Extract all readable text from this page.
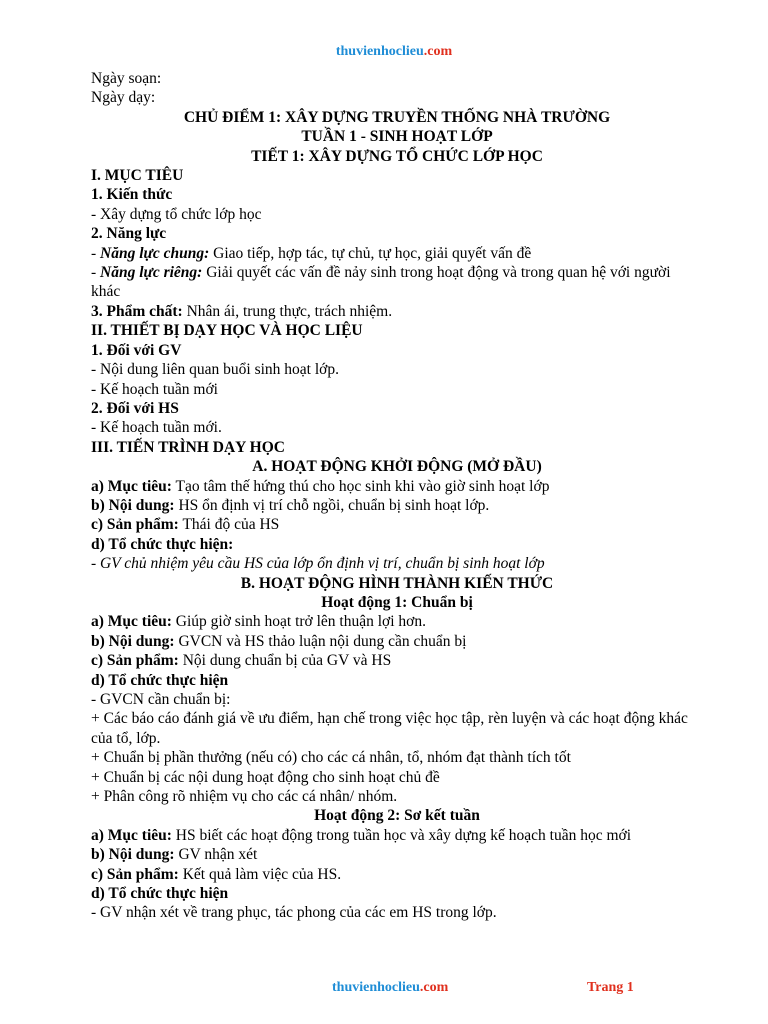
thuvienhoclieu.com

Ngày soạn:

Ngày dạy:

CHỦ ĐIỂM 1: XÂY DỰNG TRUYỀN THỐNG NHÀ TRƯỜNG

TUẦN 1 - SINH HOẠT LỚP

TIẾT 1: XÂY DỰNG TỔ CHỨC LỚP HỌC

I. MỤC TIÊU

1. Kiến thức

- Xây dựng tổ chức lớp học

2. Năng lực

- Năng lực chung: Giao tiếp, hợp tác, tự chủ, tự học, giải quyết vấn đề

- Năng lực riêng: Giải quyết các vấn đề nảy sinh trong hoạt động và trong quan hệ với người khác

3. Phẩm chất: Nhân ái, trung thực, trách nhiệm.

II. THIẾT BỊ DẠY HỌC VÀ HỌC LIỆU

1. Đối với GV

- Nội dung liên quan buổi sinh hoạt lớp.

- Kế hoạch tuần mới

2. Đối với HS

- Kế hoạch tuần mới.

III. TIẾN TRÌNH DẠY HỌC

A. HOẠT ĐỘNG KHỞI ĐỘNG (MỞ ĐẦU)

a) Mục tiêu: Tạo tâm thế hứng thú cho học sinh khi vào giờ sinh hoạt lớp

b) Nội dung: HS ổn định vị trí chỗ ngồi, chuẩn bị sinh hoạt lớp.

c) Sản phẩm: Thái độ của HS

d) Tổ chức thực hiện:

- GV chủ nhiệm yêu cầu HS của lớp ổn định vị trí, chuẩn bị sinh hoạt lớp

B. HOẠT ĐỘNG HÌNH THÀNH KIẾN THỨC

Hoạt động 1: Chuẩn bị

a) Mục tiêu: Giúp giờ sinh hoạt trở lên thuận lợi hơn.

b) Nội dung: GVCN và HS thảo luận nội dung cần chuẩn bị

c) Sản phẩm: Nội dung chuẩn bị của GV và HS

d) Tổ chức thực hiện

- GVCN cần chuẩn bị:

+ Các báo cáo đánh giá về ưu điểm, hạn chế trong việc học tập, rèn luyện và các hoạt động khác của tổ, lớp.

+ Chuẩn bị phần thưởng (nếu có) cho các cá nhân, tổ, nhóm đạt thành tích tốt

+ Chuẩn bị các nội dung hoạt động cho sinh hoạt chủ đề

+ Phân công rõ nhiệm vụ cho các cá nhân/ nhóm.

Hoạt động 2: Sơ kết tuần

a) Mục tiêu: HS biết các hoạt động trong tuần học và xây dựng kế hoạch tuần học mới

b) Nội dung: GV nhận xét

c) Sản phẩm: Kết quả làm việc của HS.

d) Tổ chức thực hiện

- GV nhận xét về trang phục, tác phong của các em HS trong lớp.

thuvienhoclieu.com	Trang 1
